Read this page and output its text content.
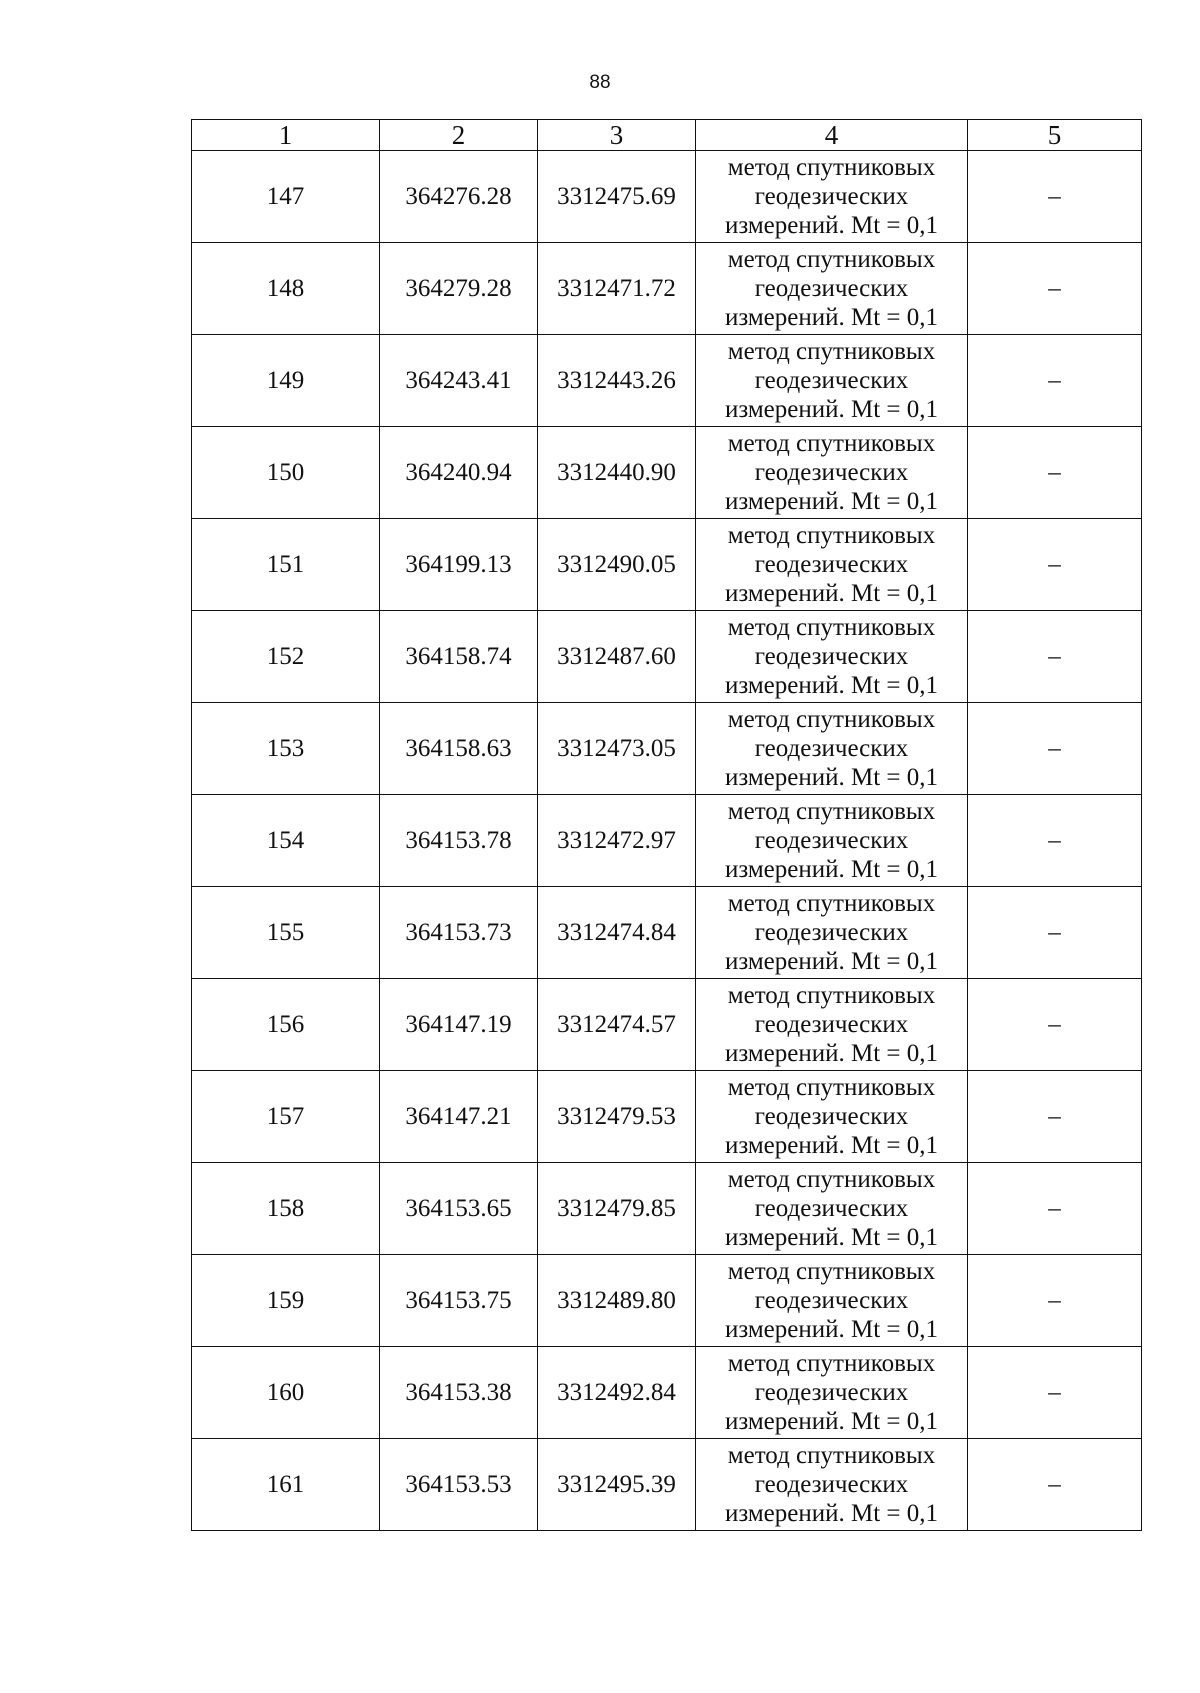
88
1	2	3	4	5
147	364276.28	3312475.69	метод спутниковых
геодезических
измерений. Mt = 0,1	–
148	364279.28	3312471.72	метод спутниковых
геодезических
измерений. Mt = 0,1	–
149	364243.41	3312443.26	метод спутниковых
геодезических
измерений. Mt = 0,1	–
150	364240.94	3312440.90	метод спутниковых
геодезических
измерений. Mt = 0,1	–
151	364199.13	3312490.05	метод спутниковых
геодезических
измерений. Mt = 0,1	–
152	364158.74	3312487.60	метод спутниковых
геодезических
измерений. Mt = 0,1	–
153	364158.63	3312473.05	метод спутниковых
геодезических
измерений. Mt = 0,1	–
154	364153.78	3312472.97	метод спутниковых
геодезических
измерений. Mt = 0,1	–
155	364153.73	3312474.84	метод спутниковых
геодезических
измерений. Mt = 0,1	–
156	364147.19	3312474.57	метод спутниковых
геодезических
измерений. Mt = 0,1	–
157	364147.21	3312479.53	метод спутниковых
геодезических
измерений. Mt = 0,1	–
158	364153.65	3312479.85	метод спутниковых
геодезических
измерений. Mt = 0,1	–
159	364153.75	3312489.80	метод спутниковых
геодезических
измерений. Mt = 0,1	–
160	364153.38	3312492.84	метод спутниковых
геодезических
измерений. Mt = 0,1	–
161	364153.53	3312495.39	метод спутниковых
геодезических
измерений. Mt = 0,1	–
